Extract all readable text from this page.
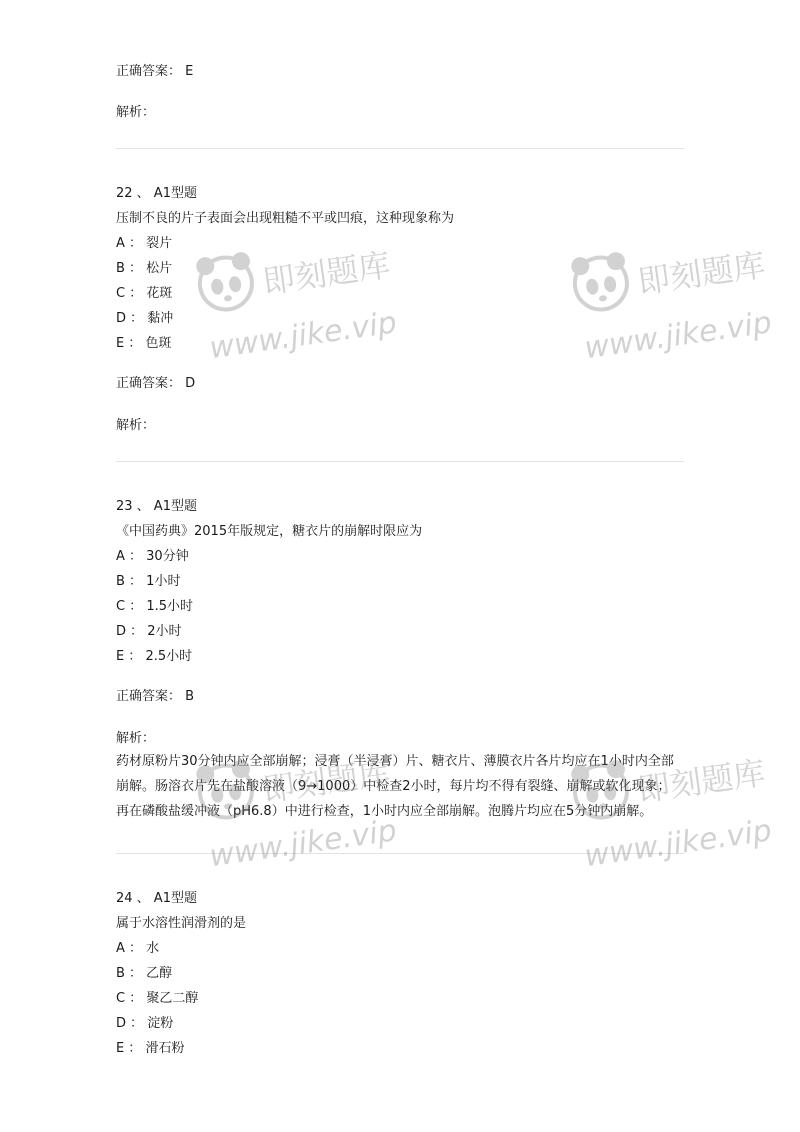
正确答案： E
解析：
22 、 A1型题
压制不良的片子表面会出现粗糙不平或凹痕，这种现象称为
A ： 裂片
B ： 松片
C ： 花斑
D ： 黏冲
E ： 色斑
正确答案： D
解析：
23 、 A1型题
《中国药典》2015年版规定，糖衣片的崩解时限应为
A ： 30分钟
B ： 1小时
C ： 1.5小时
D ： 2小时
E ： 2.5小时
正确答案： B
解析：
药材原粉片30分钟内应全部崩解；浸膏（半浸膏）片、糖衣片、薄膜衣片各片均应在1小时内全部崩解。肠溶衣片先在盐酸溶液（9→1000）中检查2小时，每片均不得有裂缝、崩解或软化现象；再在磷酸盐缓冲液（pH6.8）中进行检查，1小时内应全部崩解。泡腾片均应在5分钟内崩解。
24 、 A1型题
属于水溶性润滑剂的是
A ： 水
B ： 乙醇
C ： 聚乙二醇
D ： 淀粉
E ： 滑石粉
即刻题库
www.jike.vip
即刻题库
www.jike.vip
即刻题库
www.jike.vip
即刻题库
www.jike.vip
